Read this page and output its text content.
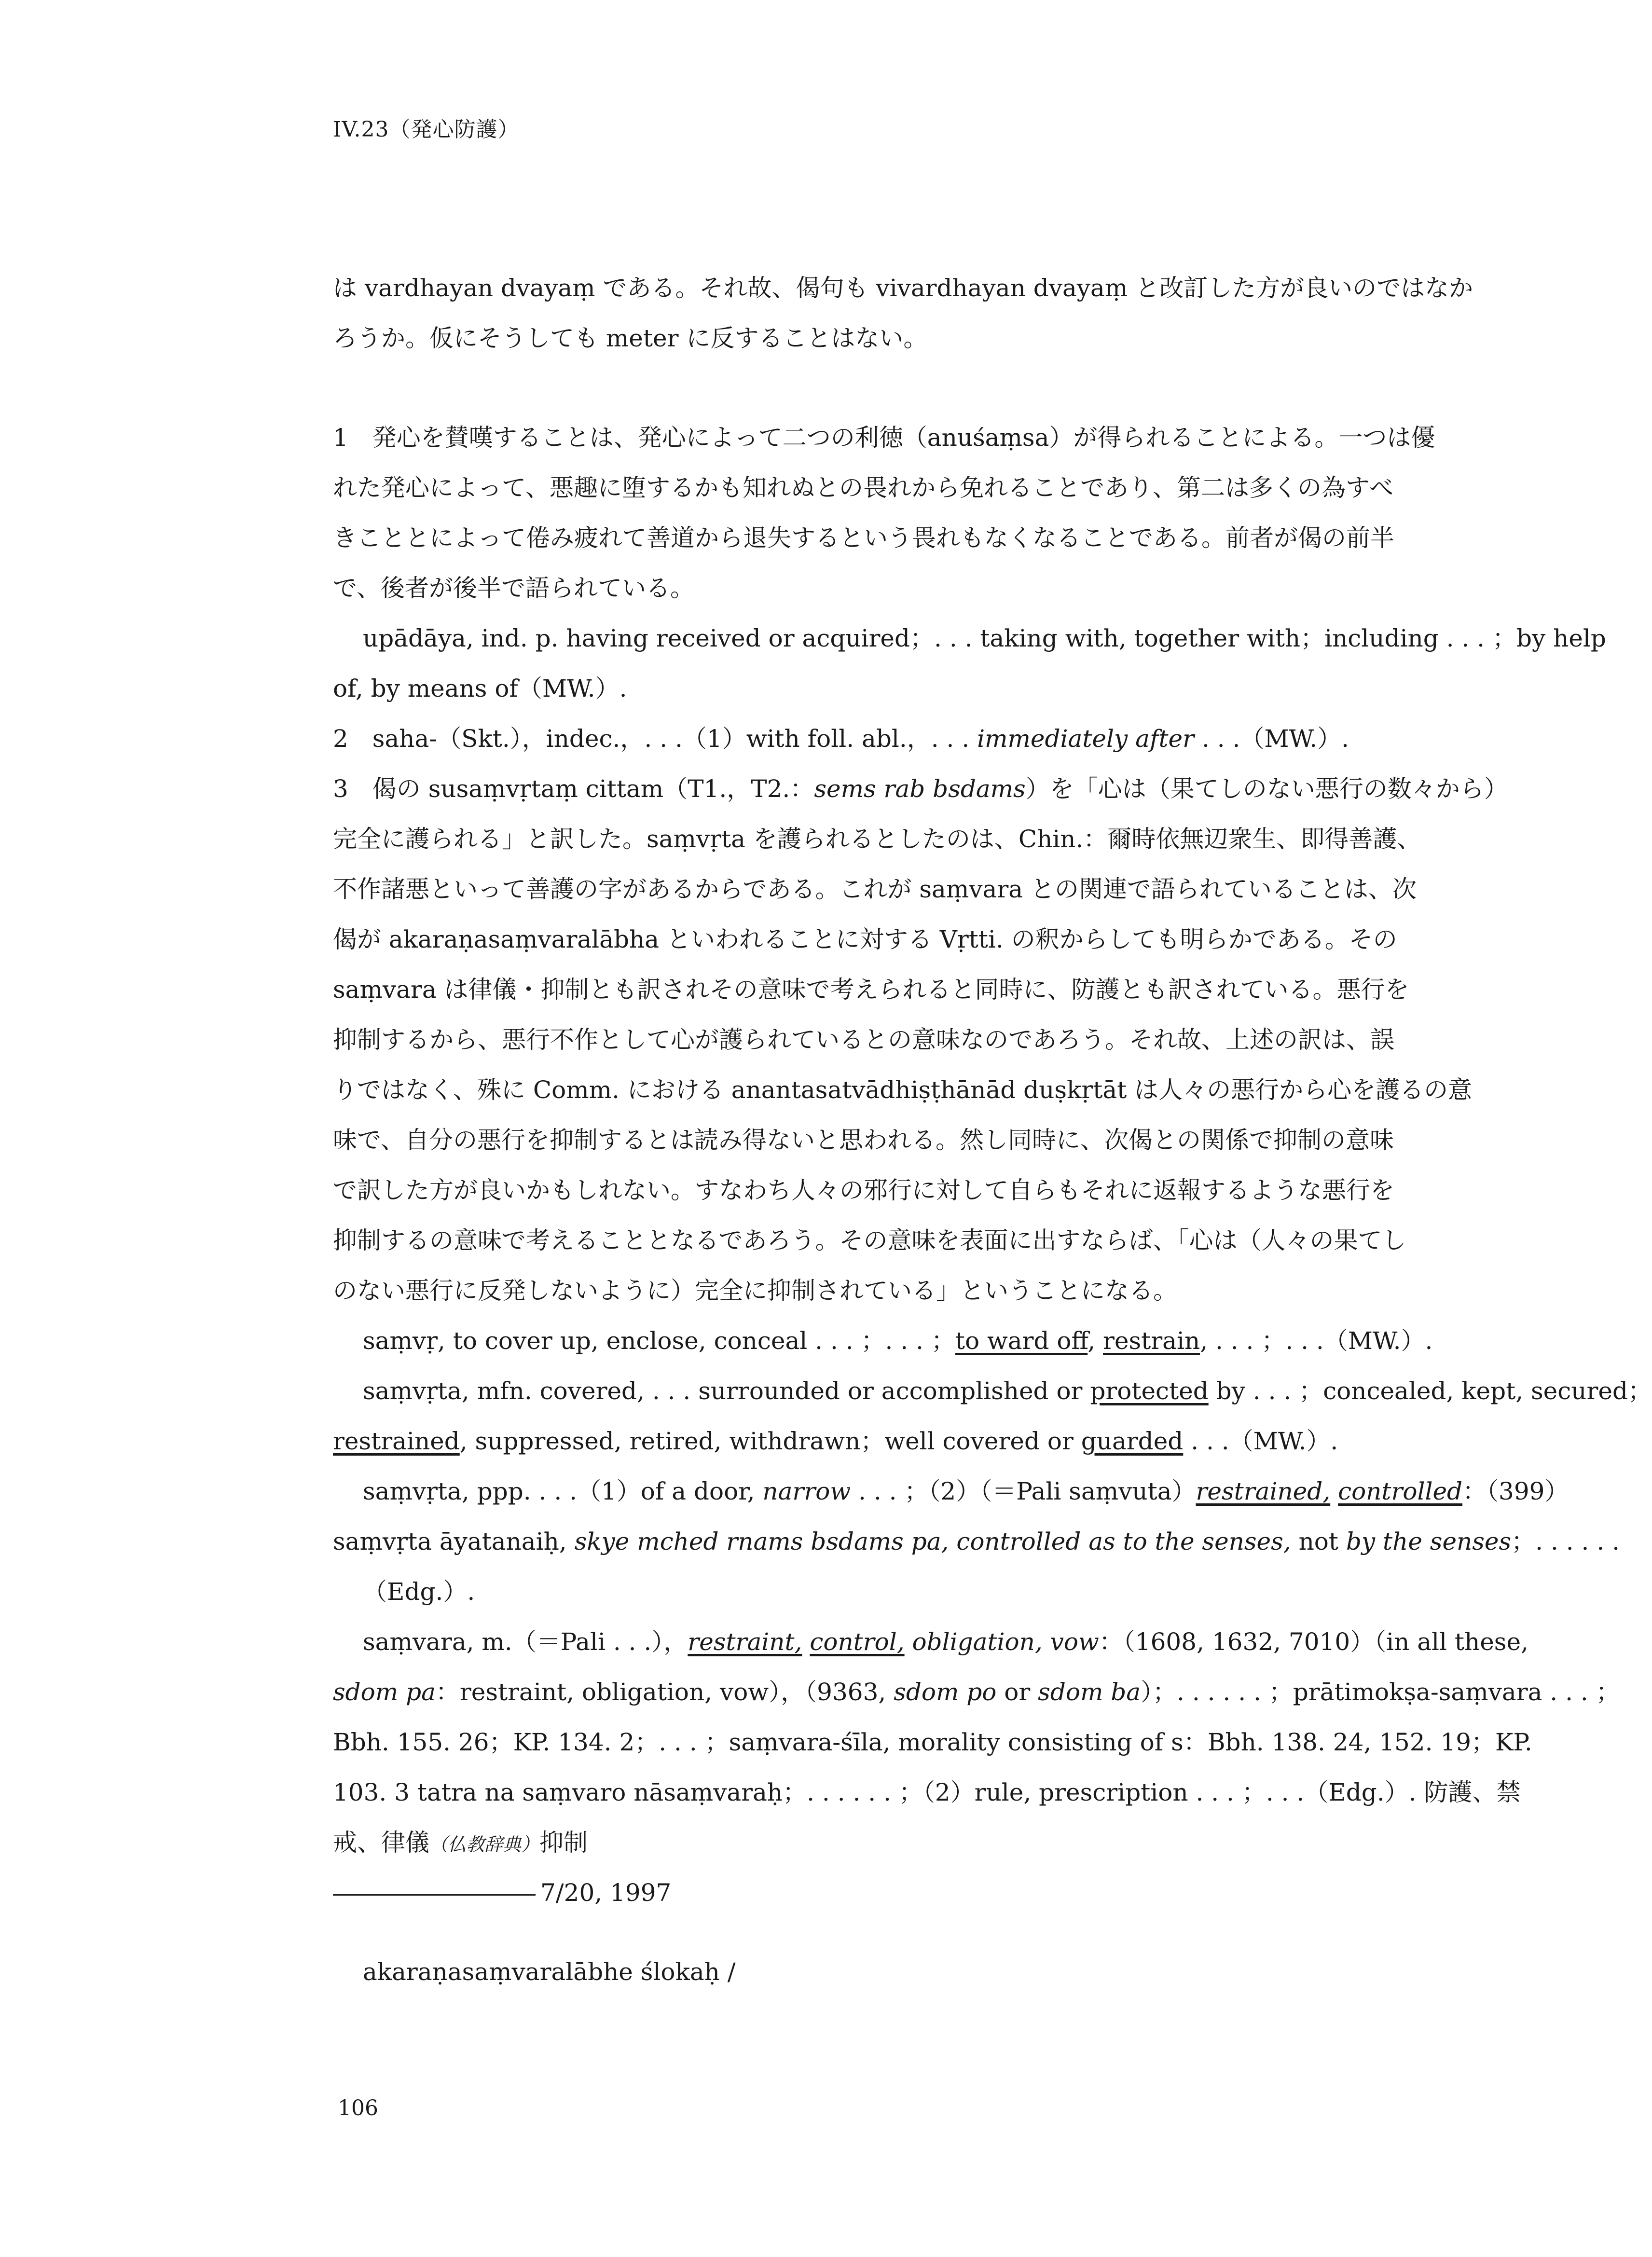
IV.23（発心防護）
は vardhayan dvayaṃ である。それ故、偈句も vivardhayan dvayaṃ と改訂した方が良いのではなか
ろうか。仮にそうしても meter に反することはない。
1　発心を賛嘆することは、発心によって二つの利徳（anuśaṃsa）が得られることによる。一つは優
れた発心によって、悪趣に堕するかも知れぬとの畏れから免れることであり、第二は多くの為すべ
きこととによって倦み疲れて善道から退失するという畏れもなくなることである。前者が偈の前半
で、後者が後半で語られている。
upādāya, ind. p. having received or acquired；. . . taking with, together with；including . . . ；by help
of, by means of（MW.）.
2　saha-（Skt.），indec.，. . .（1）with foll. abl.，. . . immediately after . . .（MW.）.
3　偈の susaṃvṛtaṃ cittam（T1.，T2.：sems rab bsdams）を「心は（果てしのない悪行の数々から）
完全に護られる」と訳した。saṃvṛta を護られるとしたのは、Chin.：爾時依無辺衆生、即得善護、
不作諸悪といって善護の字があるからである。これが saṃvara との関連で語られていることは、次
偈が akaraṇasaṃvaralābha といわれることに対する Vṛtti. の釈からしても明らかである。その
saṃvara は律儀・抑制とも訳されその意味で考えられると同時に、防護とも訳されている。悪行を
抑制するから、悪行不作として心が護られているとの意味なのであろう。それ故、上述の訳は、誤
りではなく、殊に Comm. における anantasatvādhiṣṭhānād duṣkṛtāt は人々の悪行から心を護るの意
味で、自分の悪行を抑制するとは読み得ないと思われる。然し同時に、次偈との関係で抑制の意味
で訳した方が良いかもしれない。すなわち人々の邪行に対して自らもそれに返報するような悪行を
抑制するの意味で考えることとなるであろう。その意味を表面に出すならば、「心は（人々の果てし
のない悪行に反発しないように）完全に抑制されている」ということになる。
saṃvṛ, to cover up, enclose, conceal . . . ；. . . ；to ward off, restrain, . . . ；. . .（MW.）.
saṃvṛta, mfn. covered, . . . surrounded or accomplished or protected by . . . ；concealed, kept, secured；
restrained, suppressed, retired, withdrawn；well covered or guarded . . .（MW.）.
saṃvṛta, ppp. . . .（1）of a door, narrow . . . ；（2）（＝Pali saṃvuta）restrained, controlled：（399）
saṃvṛta āyatanaiḥ, skye mched rnams bsdams pa, controlled as to the senses, not by the senses；. . . . . .
（Edg.）.
saṃvara, m.（＝Pali . . .），restraint, control, obligation, vow：（1608, 1632, 7010）（in all these,
sdom pa：restraint, obligation, vow），（9363, sdom po or sdom ba）；. . . . . . ；prātimokṣa-saṃvara . . . ；
Bbh. 155. 26；KP. 134. 2；. . . ；saṃvara-śīla, morality consisting of s：Bbh. 138. 24, 152. 19；KP.
103. 3 tatra na saṃvaro nāsaṃvaraḥ；. . . . . . ；（2）rule, prescription . . . ；. . .（Edg.）. 防護、禁
戒、律儀（仏教辞典）抑制
7/20, 1997
akaraṇasaṃvaralābhe ślokaḥ /
106
